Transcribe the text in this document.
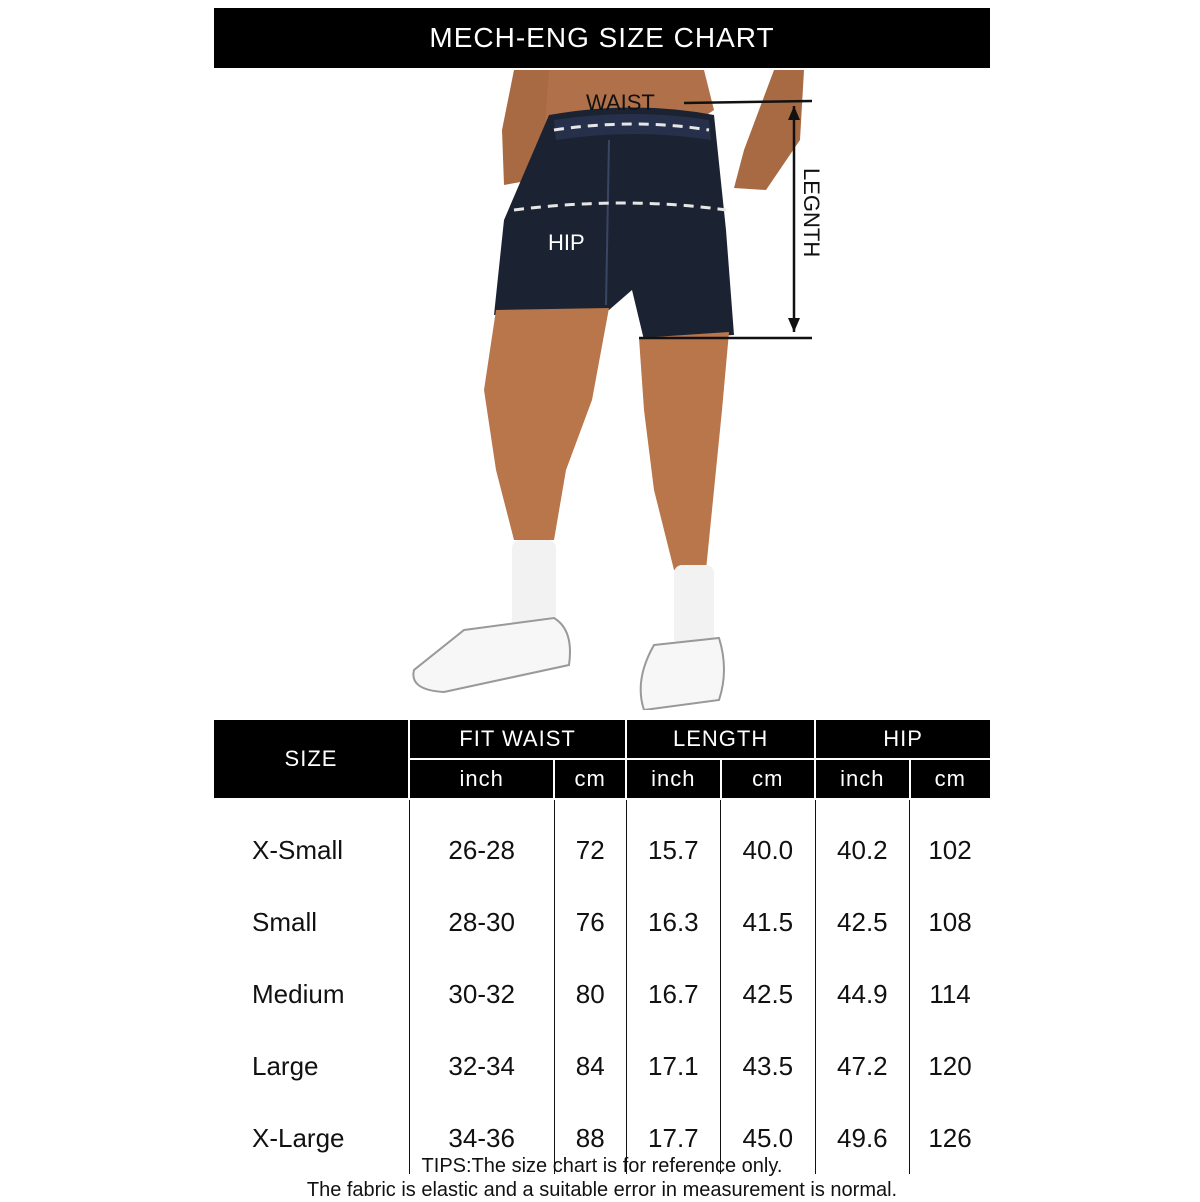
MECH-ENG SIZE CHART
WAIST
HIP	LEGNTH
SIZE	FIT WAIST		LENGTH		HIP	
	inch	cm	inch	cm	inch	cm
X-Small	26-28	72	15.7	40.0	40.2	102
Small	28-30	76	16.3	41.5	42.5	108
Medium	30-32	80	16.7	42.5	44.9	114
Large	32-34	84	17.1	43.5	47.2	120
X-Large	34-36	88	17.7	45.0	49.6	126
TIPS:The size chart is for reference only.
The fabric is elastic and a suitable error in measurement is normal.
